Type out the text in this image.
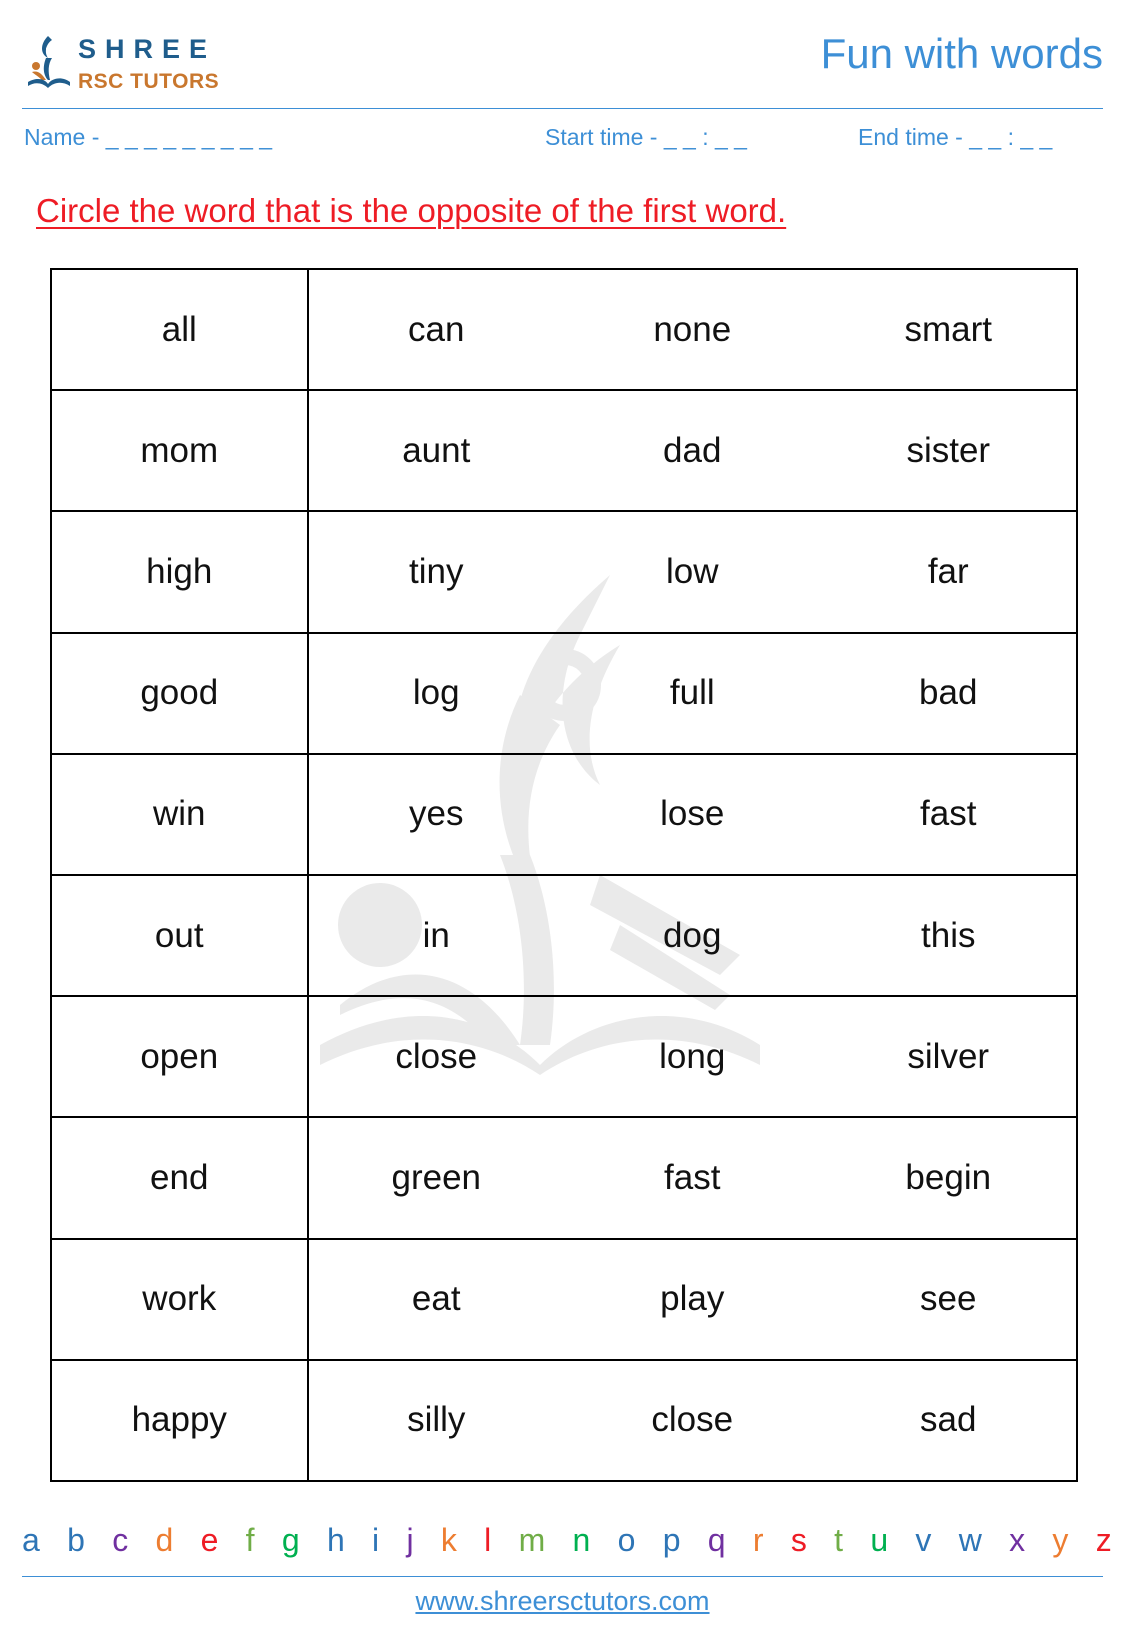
SHREE
RSC TUTORS
Fun with words
Name - _ _ _ _ _ _ _ _ _	Start time - _ _ : _ _	End time - _ _ : _ _
Circle the word that is the opposite of the first word.
all	can	none	smart
mom	aunt	dad	sister
high	tiny	low	far
good	log	full	bad
win	yes	lose	fast
out	in	dog	this
open	close	long	silver
end	green	fast	begin
work	eat	play	see
happy	silly	close	sad
a b c d e f g h i j k l m n o p q r s t u v w x y z
www.shreersctutors.com
